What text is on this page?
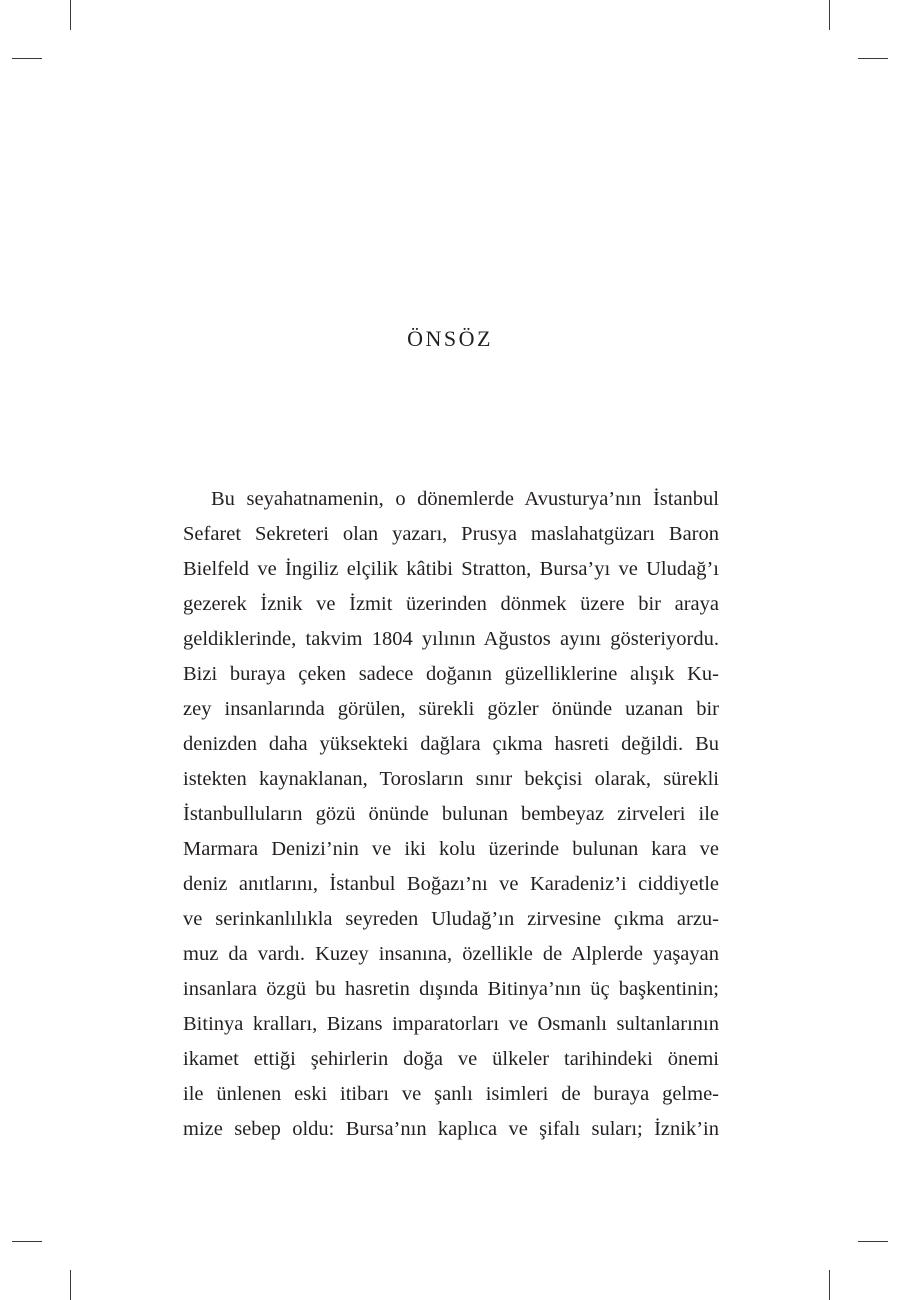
ÖNSÖZ
Bu seyahatnamenin, o dönemlerde Avusturya’nın İstanbul
Sefaret Sekreteri olan yazarı, Prusya maslahatgüzarı Baron
Bielfeld ve İngiliz elçilik kâtibi Stratton, Bursa’yı ve Uludağ’ı
gezerek İznik ve İzmit üzerinden dönmek üzere bir araya
geldiklerinde, takvim 1804 yılının Ağustos ayını gösteriyordu.
Bizi buraya çeken sadece doğanın güzelliklerine alışık Ku-
zey insanlarında görülen, sürekli gözler önünde uzanan bir
denizden daha yüksekteki dağlara çıkma hasreti değildi. Bu
istekten kaynaklanan, Torosların sınır bekçisi olarak, sürekli
İstanbulluların gözü önünde bulunan bembeyaz zirveleri ile
Marmara Denizi’nin ve iki kolu üzerinde bulunan kara ve
deniz anıtlarını, İstanbul Boğazı’nı ve Karadeniz’i ciddiyetle
ve serinkanlılıkla seyreden Uludağ’ın zirvesine çıkma arzu-
muz da vardı. Kuzey insanına, özellikle de Alplerde yaşayan
insanlara özgü bu hasretin dışında Bitinya’nın üç başkentinin;
Bitinya kralları, Bizans imparatorları ve Osmanlı sultanlarının
ikamet ettiği şehirlerin doğa ve ülkeler tarihindeki önemi
ile ünlenen eski itibarı ve şanlı isimleri de buraya gelme-
mize sebep oldu: Bursa’nın kaplıca ve şifalı suları; İznik’in
